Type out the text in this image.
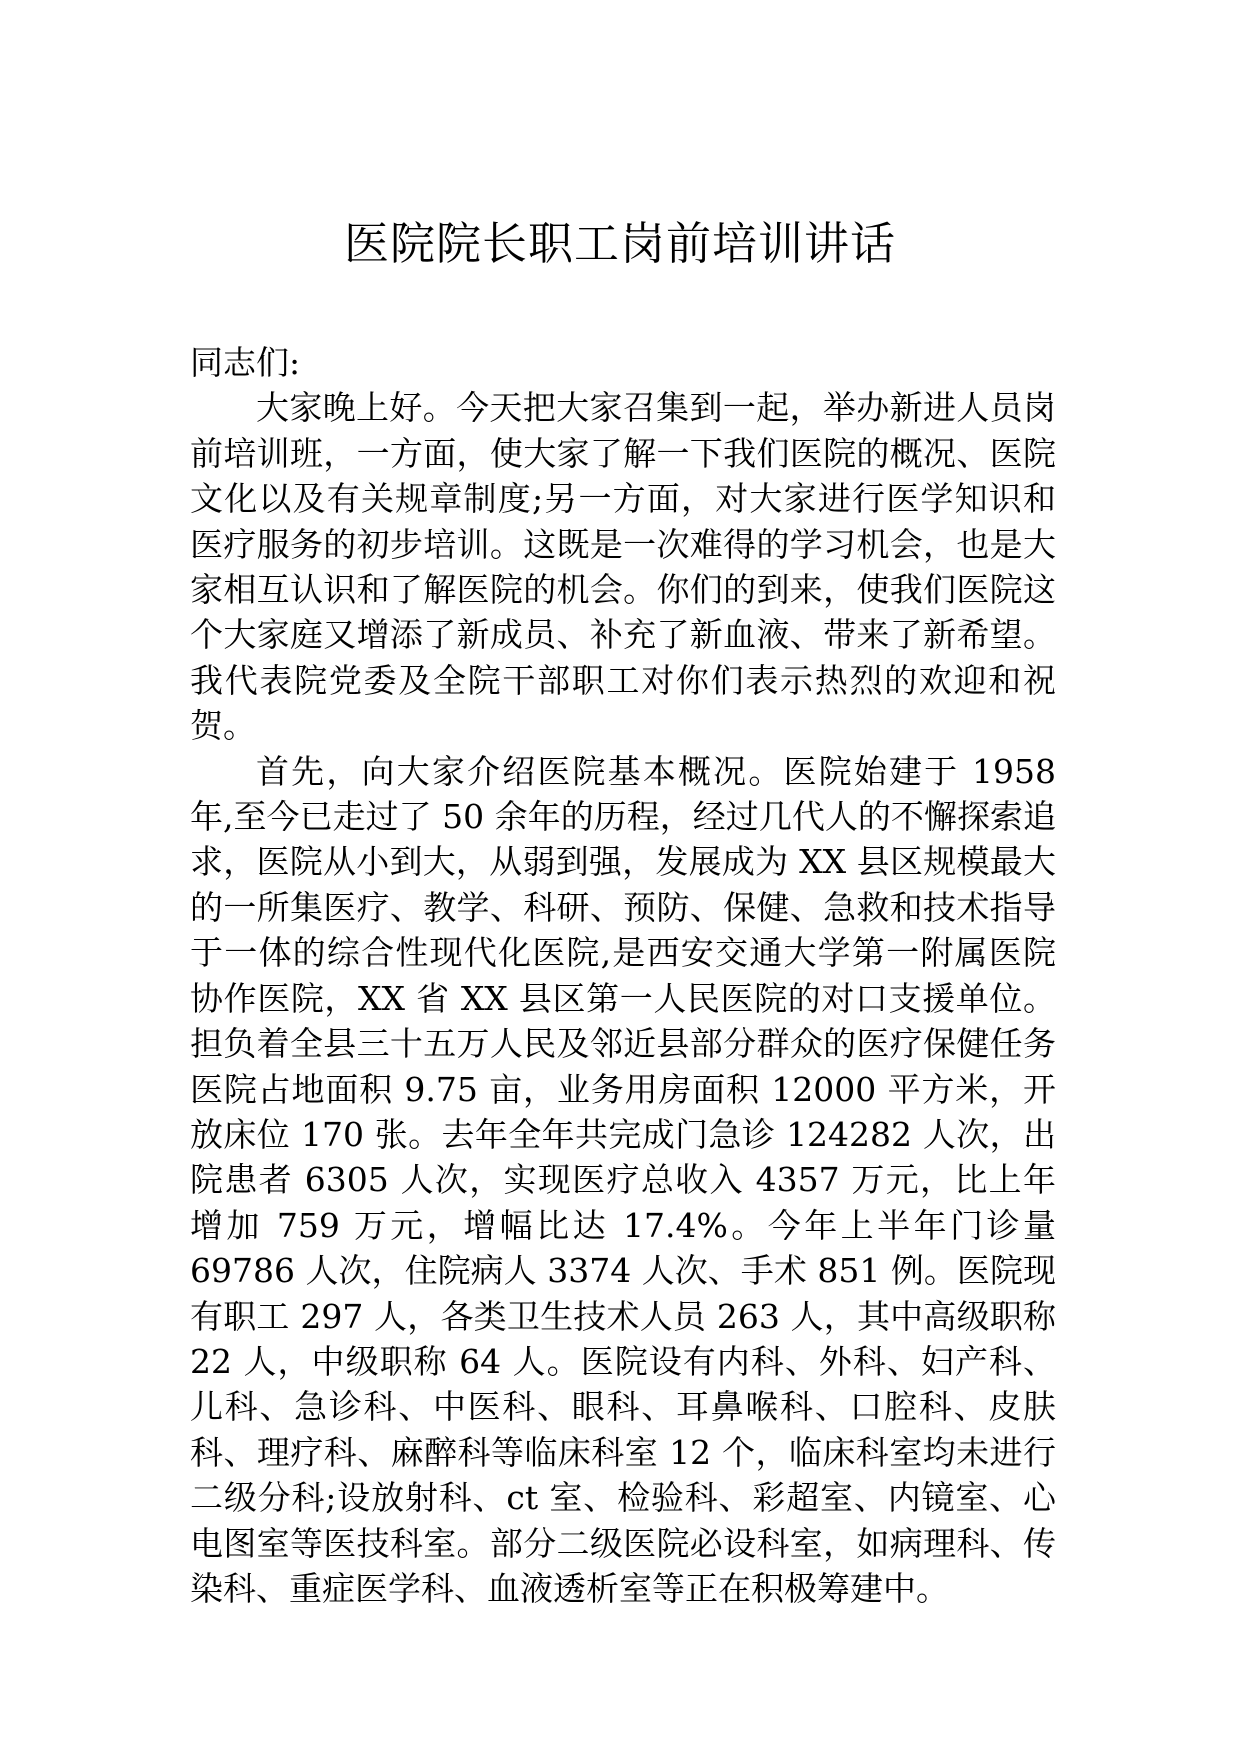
医院院长职工岗前培训讲话

同志们:

大家晚上好。今天把大家召集到一起，举办新进人员岗前培训班，一方面，使大家了解一下我们医院的概况、医院文化以及有关规章制度;另一方面，对大家进行医学知识和医疗服务的初步培训。这既是一次难得的学习机会，也是大家相互认识和了解医院的机会。你们的到来，使我们医院这个大家庭又增添了新成员、补充了新血液、带来了新希望。我代表院党委及全院干部职工对你们表示热烈的欢迎和祝贺。

首先，向大家介绍医院基本概况。医院始建于 1958 年,至今已走过了 50 余年的历程，经过几代人的不懈探索追求，医院从小到大，从弱到强，发展成为 XX 县区规模最大的一所集医疗、教学、科研、预防、保健、急救和技术指导于一体的综合性现代化医院,是西安交通大学第一附属医院协作医院，XX 省 XX 县区第一人民医院的对口支援单位。担负着全县三十五万人民及邻近县部分群众的医疗保健任务医院占地面积 9.75 亩，业务用房面积 12000 平方米，开放床位 170 张。去年全年共完成门急诊 124282 人次，出院患者 6305 人次，实现医疗总收入 4357 万元，比上年增加 759 万元，增幅比达 17.4%。今年上半年门诊量 69786 人次，住院病人 3374 人次、手术 851 例。医院现有职工 297 人，各类卫生技术人员 263 人，其中高级职称 22 人，中级职称 64 人。医院设有内科、外科、妇产科、儿科、急诊科、中医科、眼科、耳鼻喉科、口腔科、皮肤科、理疗科、麻醉科等临床科室 12 个，临床科室均未进行二级分科;设放射科、ct 室、检验科、彩超室、内镜室、心电图室等医技科室。部分二级医院必设科室，如病理科、传染科、重症医学科、血液透析室等正在积极筹建中。
